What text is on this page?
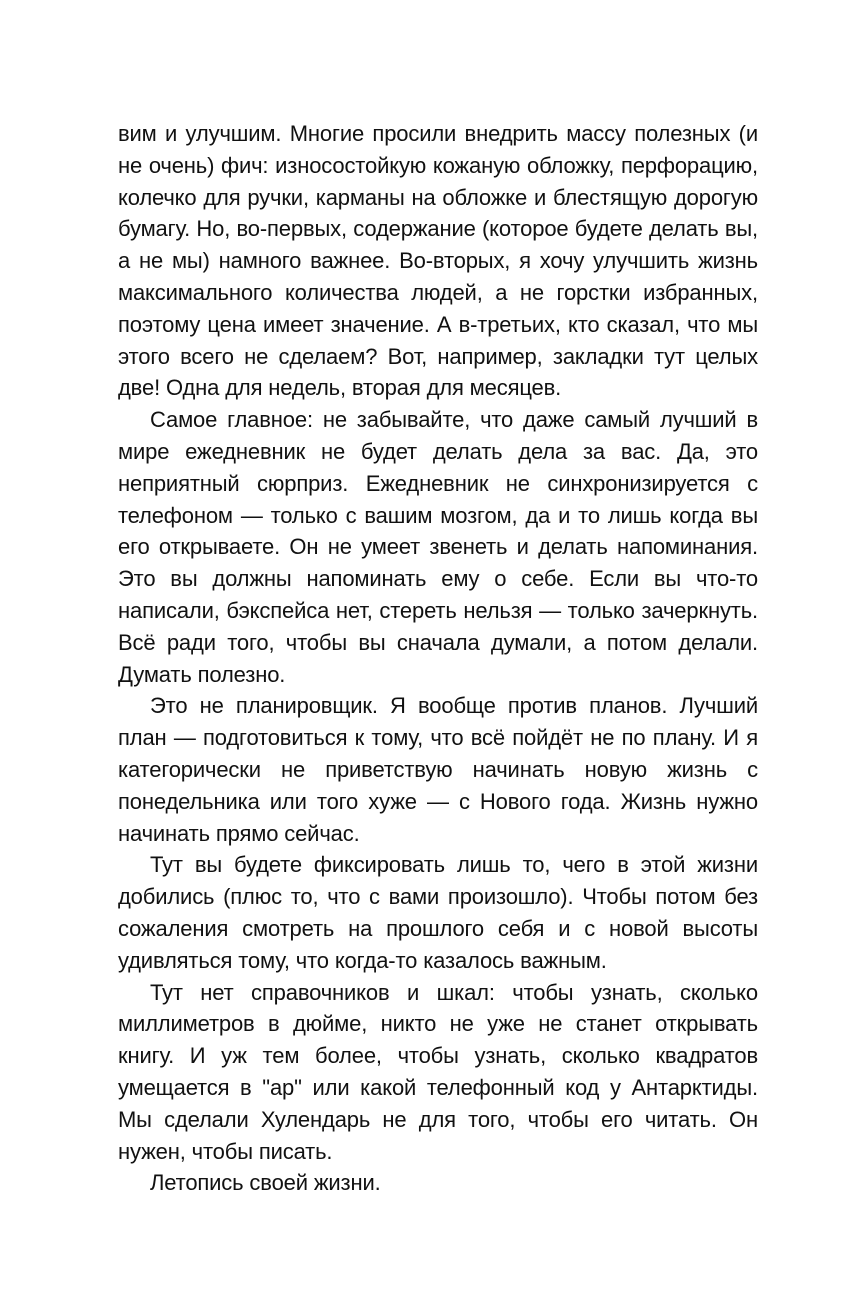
вим и улучшим. Многие просили внедрить массу полезных (и не очень) фич: износостойкую кожаную обложку, перфорацию, колечко для ручки, карманы на обложке и блестящую дорогую бумагу. Но, во-первых, содержание (которое будете делать вы, а не мы) намного важнее. Во-вторых, я хочу улучшить жизнь максимального количества людей, а не горстки избранных, поэтому цена имеет значение. А в-третьих, кто сказал, что мы этого всего не сделаем? Вот, например, закладки тут целых две! Одна для недель, вторая для месяцев.

Самое главное: не забывайте, что даже самый лучший в мире ежедневник не будет делать дела за вас. Да, это неприятный сюрприз. Ежедневник не синхронизируется с телефоном — только с вашим мозгом, да и то лишь когда вы его открываете. Он не умеет звенеть и делать напоминания. Это вы должны напоминать ему о себе. Если вы что-то написали, бэкспейса нет, стереть нельзя — только зачеркнуть. Всё ради того, чтобы вы сначала думали, а потом делали. Думать полезно.

Это не планировщик. Я вообще против планов. Лучший план — подготовиться к тому, что всё пойдёт не по плану. И я категорически не приветствую начинать новую жизнь с понедельника или того хуже — с Нового года. Жизнь нужно начинать прямо сейчас.

Тут вы будете фиксировать лишь то, чего в этой жизни добились (плюс то, что с вами произошло). Чтобы потом без сожаления смотреть на прошлого себя и с новой высоты удивляться тому, что когда-то казалось важным.

Тут нет справочников и шкал: чтобы узнать, сколько миллиметров в дюйме, никто не уже не станет открывать книгу. И уж тем более, чтобы узнать, сколько квадратов умещается в "ар" или какой телефонный код у Антарктиды. Мы сделали Хулендарь не для того, чтобы его читать. Он нужен, чтобы писать.

Летопись своей жизни.
